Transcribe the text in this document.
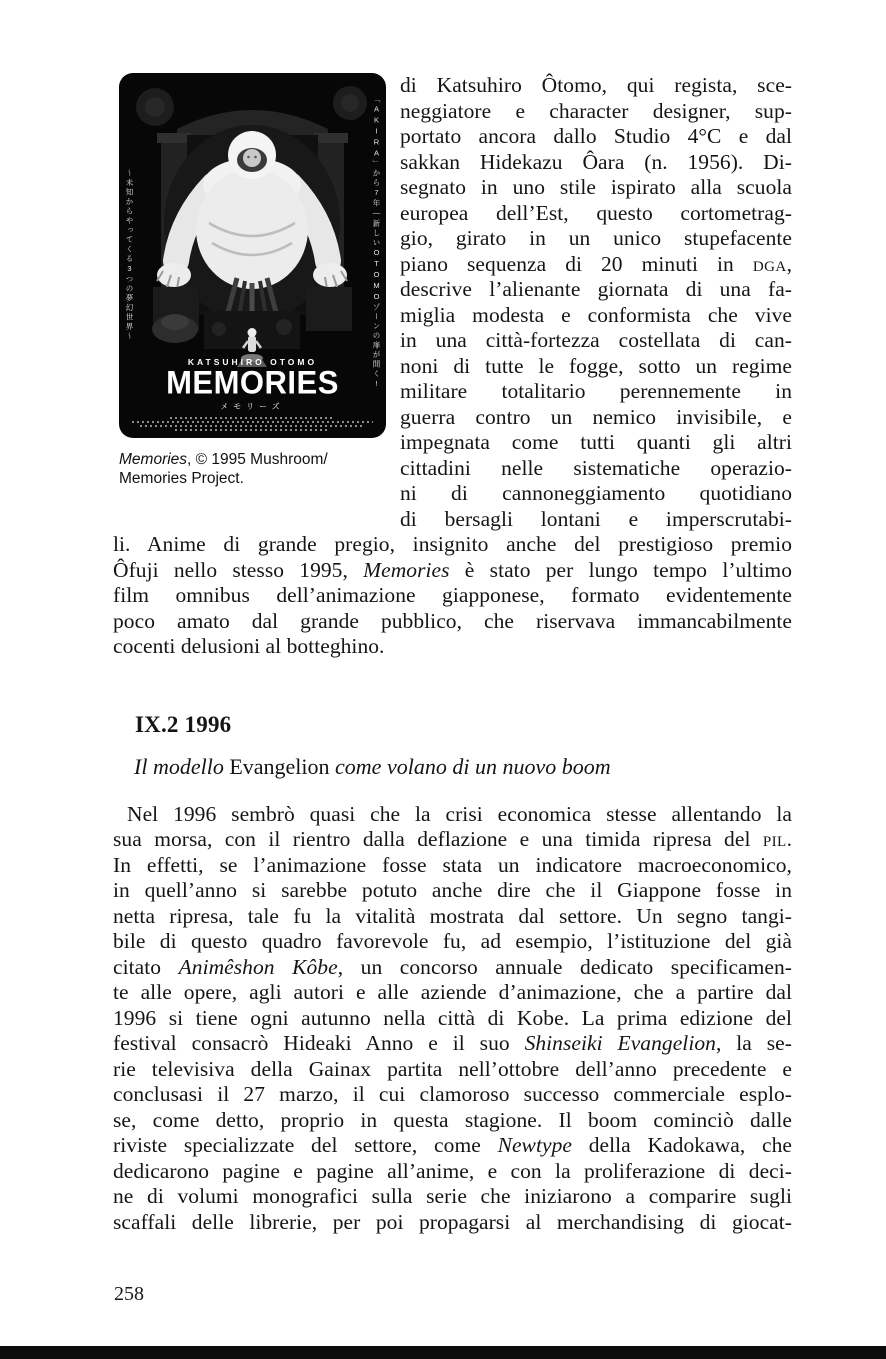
〜未知からやってくる3つの夢幻世界〜	「AKIRA」から7年―新しいOTOMOゾーンの扉が開く!
KATSUHIRO OTOMO
MEMORIES
メモリーズ
Memories, © 1995 Mushroom/
Memories Project.
di Katsuhiro Ôtomo, qui regista, sce-
neggiatore e character designer, sup-
portato ancora dallo Studio 4°C e dal
sakkan Hidekazu Ôara (n. 1956). Di-
segnato in uno stile ispirato alla scuola
europea dell’Est, questo cortometrag-
gio, girato in un unico stupefacente
piano sequenza di 20 minuti in dga,
descrive l’alienante giornata di una fa-
miglia modesta e conformista che vive
in una città-fortezza costellata di can-
noni di tutte le fogge, sotto un regime
militare totalitario perennemente in
guerra contro un nemico invisibile, e
impegnata come tutti quanti gli altri
cittadini nelle sistematiche operazio-
ni di cannoneggiamento quotidiano
di bersagli lontani e imperscrutabi-
li. Anime di grande pregio, insignito anche del prestigioso premio
Ôfuji nello stesso 1995, Memories è stato per lungo tempo l’ultimo
film omnibus dell’animazione giapponese, formato evidentemente
poco amato dal grande pubblico, che riservava immancabilmente
cocenti delusioni al botteghino.
IX.2 1996
Il modello Evangelion come volano di un nuovo boom
Nel 1996 sembrò quasi che la crisi economica stesse allentando la
sua morsa, con il rientro dalla deflazione e una timida ripresa del pil.
In effetti, se l’animazione fosse stata un indicatore macroeconomico,
in quell’anno si sarebbe potuto anche dire che il Giappone fosse in
netta ripresa, tale fu la vitalità mostrata dal settore. Un segno tangi-
bile di questo quadro favorevole fu, ad esempio, l’istituzione del già
citato Animêshon Kôbe, un concorso annuale dedicato specificamen-
te alle opere, agli autori e alle aziende d’animazione, che a partire dal
1996 si tiene ogni autunno nella città di Kobe. La prima edizione del
festival consacrò Hideaki Anno e il suo Shinseiki Evangelion, la se-
rie televisiva della Gainax partita nell’ottobre dell’anno precedente e
conclusasi il 27 marzo, il cui clamoroso successo commerciale esplo-
se, come detto, proprio in questa stagione. Il boom cominciò dalle
riviste specializzate del settore, come Newtype della Kadokawa, che
dedicarono pagine e pagine all’anime, e con la proliferazione di deci-
ne di volumi monografici sulla serie che iniziarono a comparire sugli
scaffali delle librerie, per poi propagarsi al merchandising di giocat-
258
